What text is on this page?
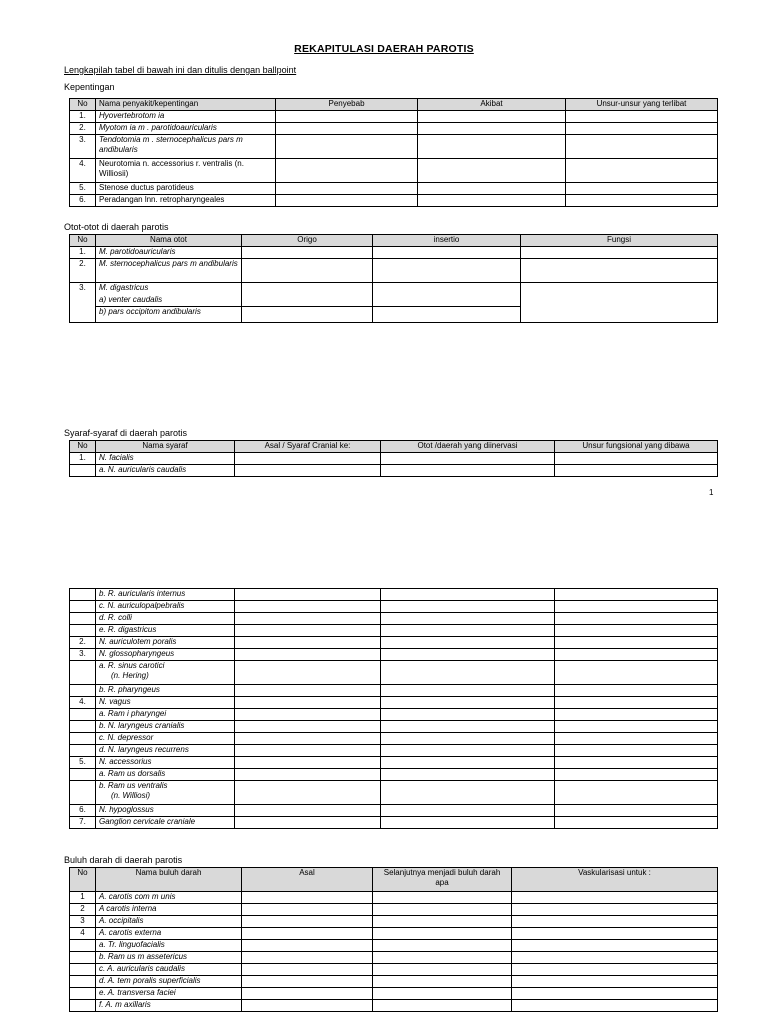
REKAPITULASI DAERAH PAROTIS
Lengkapilah tabel di bawah ini dan ditulis dengan ballpoint
Kepentingan
No	Nama penyakit/kepentingan	Penyebab	Akibat	Unsur-unsur yang terlibat
1.	Hyovertebrotom ia			
2.	Myotom ia m . parotidoauricularis			
3.	Tendotomia m . sternocephalicus pars m andibularis			
4.	Neurotomia n. accessorius r. ventralis (n. Williosii)			
5.	Stenose ductus parotideus			
6.	Peradangan lnn. retropharyngeales			
Otot-otot di daerah parotis
No	Nama otot	Origo	insertio	Fungsi
1.	M. parotidoauricularis			
2.	M. sternocephalicus pars m andibularis			
3.	M. digastricus			
	a) venter caudalis			
	b) pars occipitom andibularis			
Syaraf-syaraf di daerah parotis
No	Nama syaraf	Asal / Syaraf Cranial ke:	Otot /daerah yang diinervasi	Unsur fungsional yang dibawa
1.	N. facialis			
	a. N. auricularis caudalis			
1

	b. R. auricularis internus			

	c. N. auriculopalpebralis			

	d. R. colli			

	e. R. digastricus			

2.	N. auriculotem poralis			

3.	N. glossopharyngeus			

	a. R. sinus carotici
(n. Hering)			

	b. R. pharyngeus			

4.	N. vagus			

	a. Ram i pharyngei			

	b. N. laryngeus cranialis			

	c. N. depressor			

	d. N. laryngeus recurrens			

5.	N. accessorius			

	a. Ram us dorsalis			

	b. Ram us ventralis
(n. Williosi)			

6.	N. hypoglossus			

7.	Ganglion cervicale craniale			

Buluh darah di daerah parotis
No	Nama buluh darah	Asal	Selanjutnya menjadi buluh darah apa	Vaskularisasi untuk :
1	A. carotis com m unis			

2	A carotis interna			

3	A. occipitalis			

4	A. carotis externa			

	a. Tr. linguofacialis			

	b. Ram us m assetericus			

	c. A. auricularis caudalis			

	d. A. tem poralis superficialis			

	e. A. transversa faciei			

	f. A. m axillaris			
